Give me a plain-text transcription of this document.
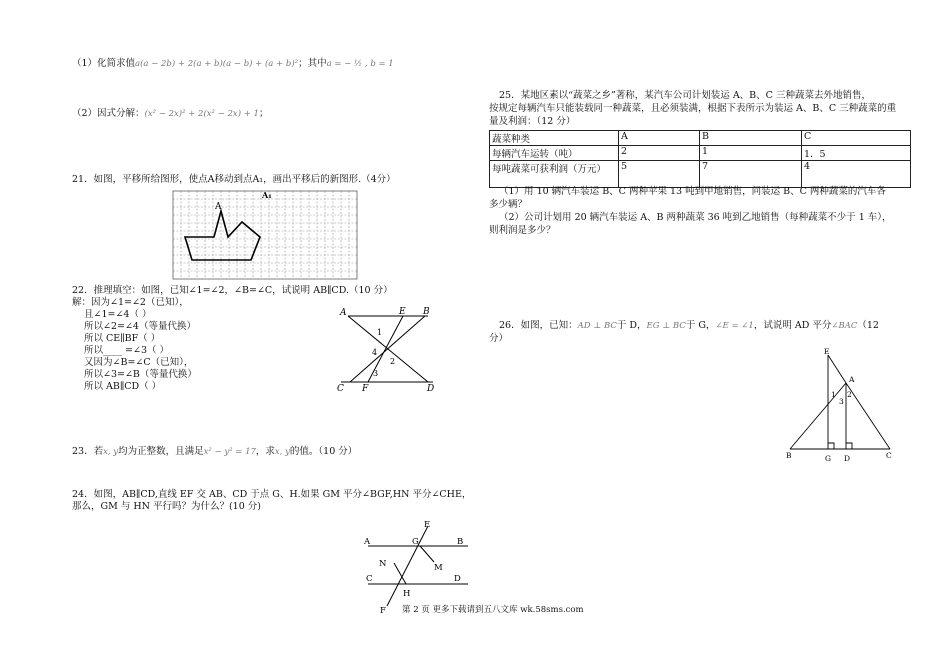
（1）化简求值a(a − 2b) + 2(a + b)(a − b) + (a + b)²；其中a = − ½ , b = 1
（2）因式分解：(x² − 2x)² + 2(x² − 2x) + 1；
21．如图，平移所给图形，使点A移动到点A₁，画出平移后的新图形.（4分）
A
A₁
22．推理填空：如图，已知∠1=∠2，∠B=∠C，试说明 AB∥CD.（10 分）
解：因为∠1=∠2（已知），
且∠1=∠4（ ）
所以∠2=∠4（等量代换）
所以 CE∥BF（ ）
所以____ =∠3（ ）
又因为∠B=∠C（已知），
所以∠3=∠B（等量代换）
所以 AB∥CD（ ）
A	E B
C F	D
1
4
2
3
23．若x, y均为正整数，且满足x² − y² = 17，求x, y的值。（10 分）
24．如图，AB∥CD,直线 EF 交 AB、CD 于点 G、H.如果 GM 平分∠BGF,HN 平分∠CHE，
那么，GM 与 HN 平行吗？为什么？(10 分)
E
A	G	B
N	M
C	D
H
F 第 2 页 更多下载请到五八文库 wk.58sms.com
25．某地区素以“蔬菜之乡”著称，某汽车公司计划装运 A、B、C 三种蔬菜去外地销售，
按规定每辆汽车只能装载同一种蔬菜，且必须装满，根据下表所示为装运 A、B、C 三种蔬菜的重
量及利润：（12 分）
蔬菜种类	A	B	C
每辆汽车运转（吨）	2	1	1．5
每吨蔬菜可获利润（万元）	5	7	4
（1）用 10 辆汽车装运 B、C 两种苹果 13 吨到甲地销售，问装运 B、C 两种蔬菜的汽车各
多少辆？
（2）公司计划用 20 辆汽车装运 A、B 两种蔬菜 36 吨到乙地销售（每种蔬菜不少于 1 车），
则利润是多少？
26．如图，已知：AD ⊥ BC于 D，EG ⊥ BC于 G，∠E = ∠1，试说明 AD 平分∠BAC（12
分）
E
A
1 2
3
B	G D	C
